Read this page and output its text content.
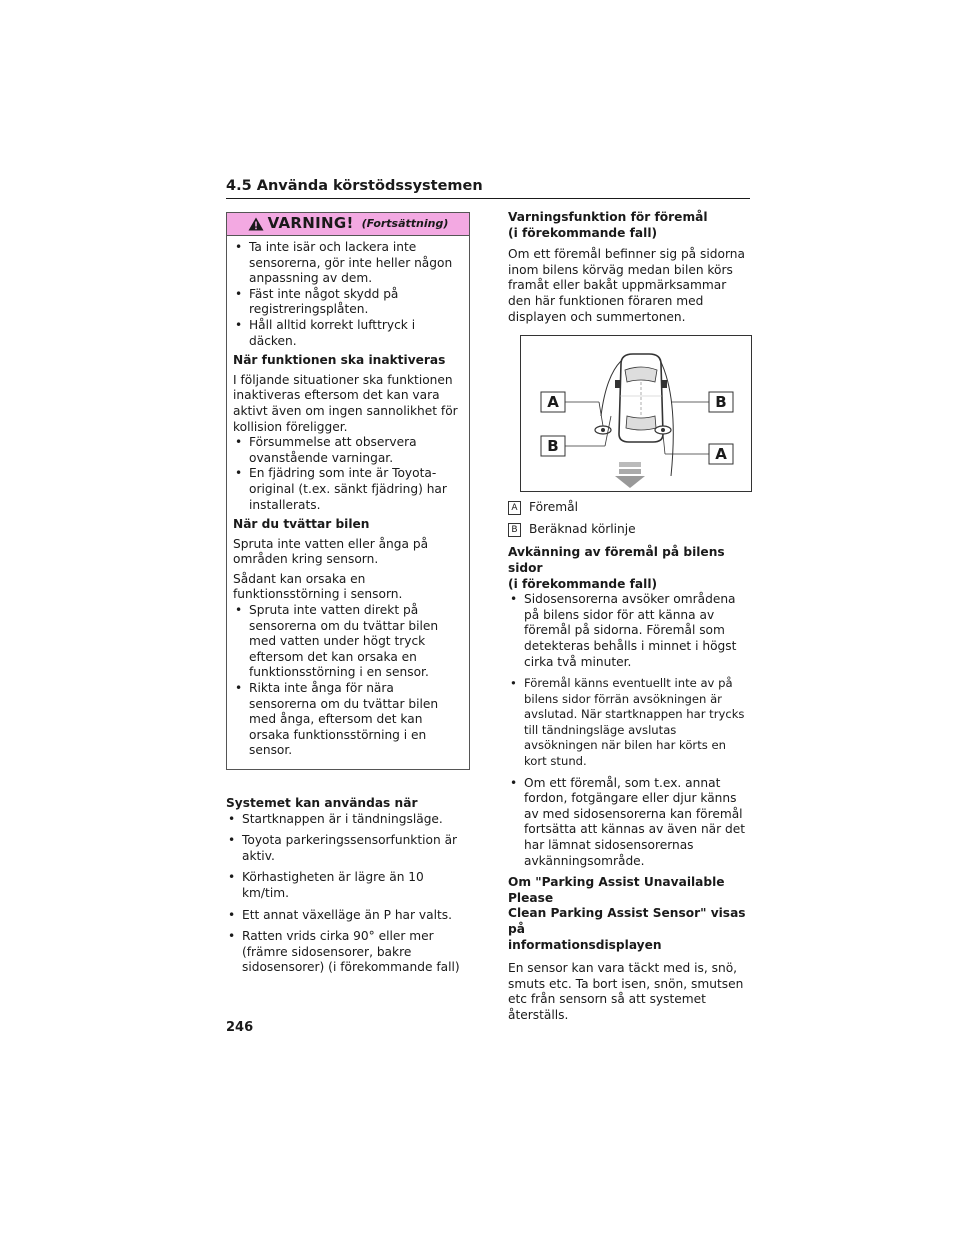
4.5 Använda körstödssystemen
VARNING! (Fortsättning)
• Ta inte isär och lackera inte sensorerna, gör inte heller någon anpassning av dem.
• Fäst inte något skydd på registreringsplåten.
• Håll alltid korrekt lufttryck i däcken.

När funktionen ska inaktiveras

I följande situationer ska funktionen inaktiveras eftersom det kan vara aktivt även om ingen sannolikhet för kollision föreligger.

• Försummelse att observera ovanstående varningar.
• En fjädring som inte är Toyota-original (t.ex. sänkt fjädring) har installerats.

När du tvättar bilen

Spruta inte vatten eller ånga på områden kring sensorn.

Sådant kan orsaka en funktionsstörning i sensorn.

• Spruta inte vatten direkt på sensorerna om du tvättar bilen med vatten under högt tryck eftersom det kan orsaka en funktionsstörning i en sensor.
• Rikta inte ånga för nära sensorerna om du tvättar bilen med ånga, eftersom det kan orsaka funktionsstörning i en sensor.

Systemet kan användas när

• Startknappen är i tändningsläge.
• Toyota parkeringssensorfunktion är aktiv.
• Körhastigheten är lägre än 10 km/tim.
• Ett annat växelläge än P har valts.
• Ratten vrids cirka 90° eller mer (främre sidosensorer, bakre sidosensorer) (i förekommande fall)

Varningsfunktion för föremål

(i förekommande fall)

Om ett föremål befinner sig på sidorna inom bilens körväg medan bilen körs framåt eller bakåt uppmärksammar den här funktionen föraren med displayen och summertonen.

A
B
B
A
A Föremål
B Beräknad körlinje

Avkänning av föremål på bilens sidor

(i förekommande fall)

• Sidosensorerna avsöker områdena på bilens sidor för att känna av föremål på sidorna. Föremål som detekteras behålls i minnet i högst cirka två minuter.
• Föremål känns eventuellt inte av på bilens sidor förrän avsökningen är avslutad. När startknappen har trycks till tändningsläge avslutas avsökningen när bilen har körts en kort stund.
• Om ett föremål, som t.ex. annat fordon, fotgängare eller djur känns av med sidosensorerna kan föremål fortsätta att kännas av även när det har lämnat sidosensorernas avkänningsområde.

Om "Parking Assist Unavailable Please

Clean Parking Assist Sensor" visas på

informationsdisplayen

En sensor kan vara täckt med is, snö, smuts etc. Ta bort isen, snön, smutsen etc från sensorn så att systemet återställs.

246
